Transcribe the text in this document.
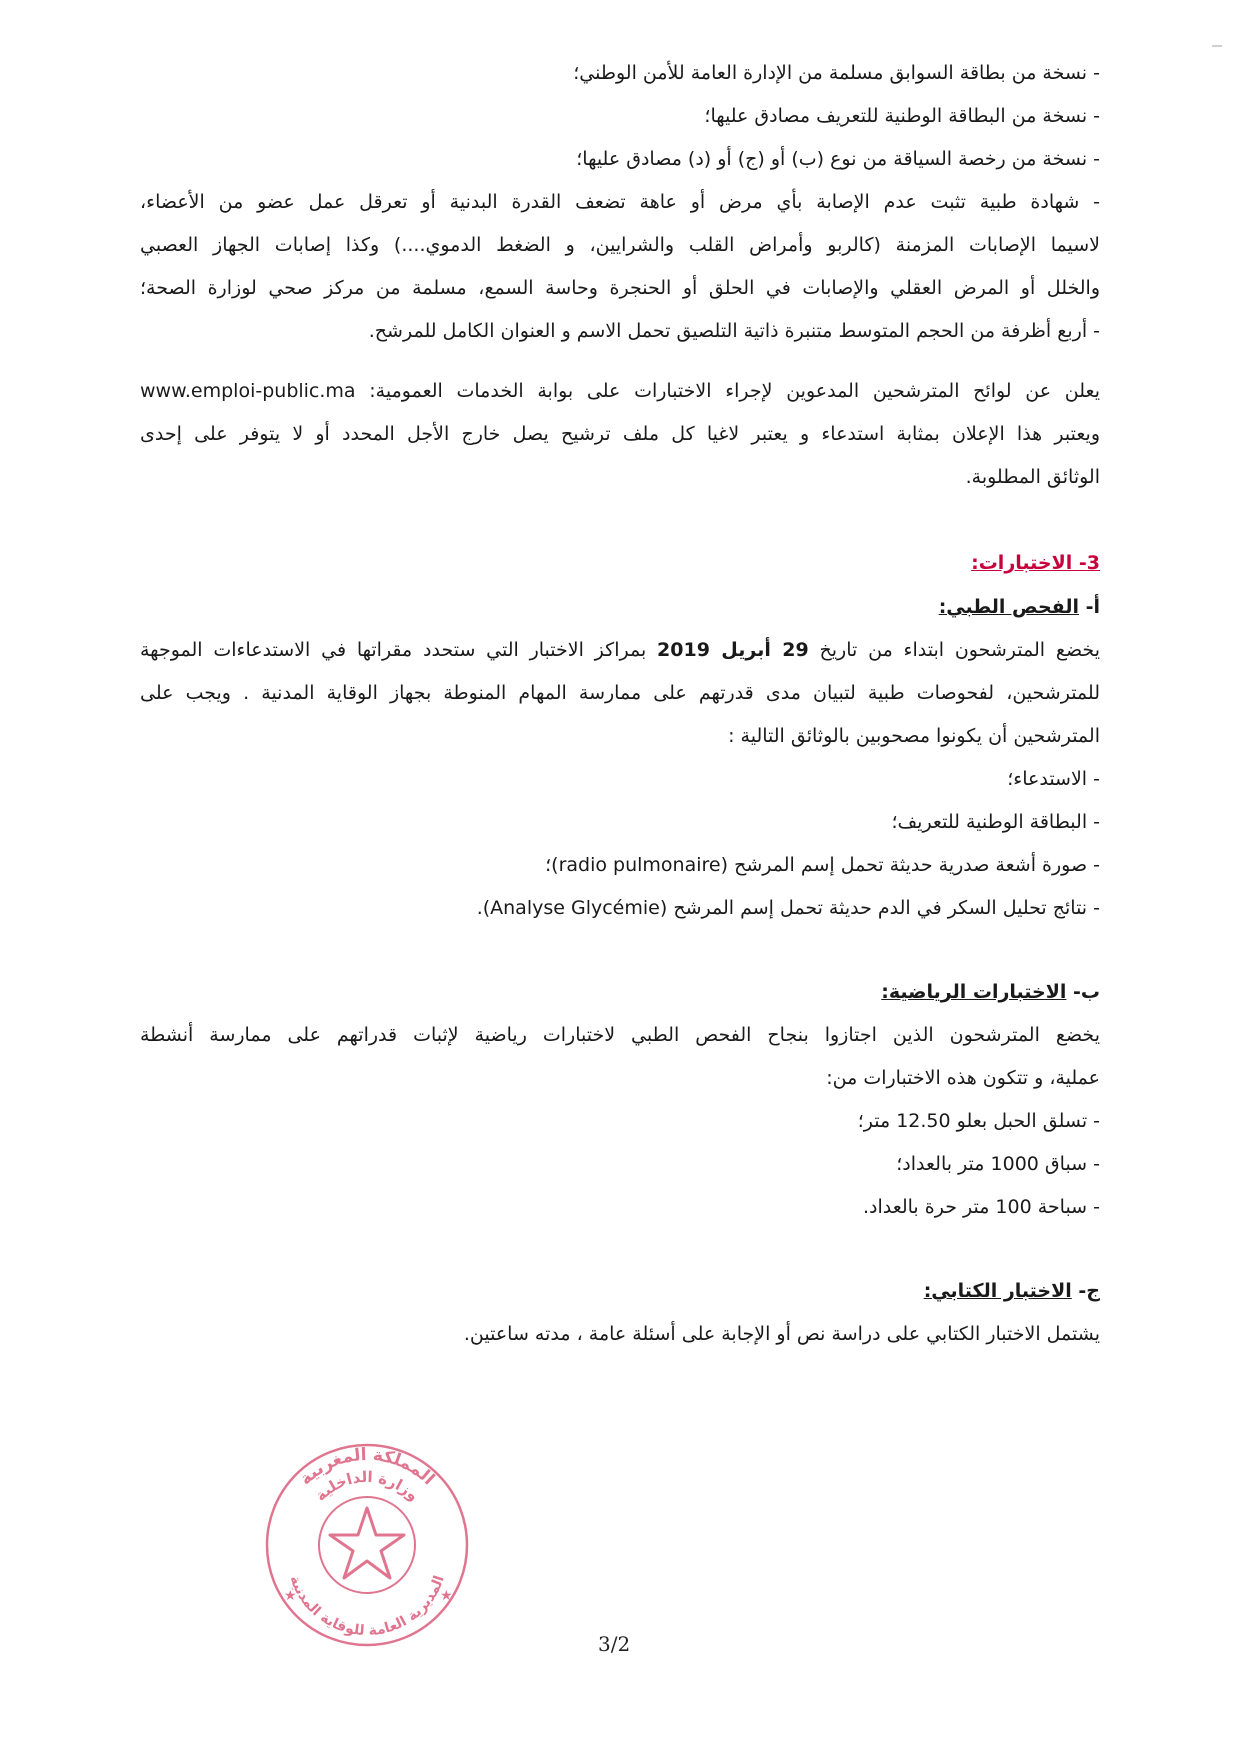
- نسخة من بطاقة السوابق مسلمة من الإدارة العامة للأمن الوطني؛
- نسخة من البطاقة الوطنية للتعريف مصادق عليها؛
- نسخة من رخصة السياقة من نوع (ب) أو (ج) أو (د) مصادق عليها؛
- شهادة طبية تثبت عدم الإصابة بأي مرض أو عاهة تضعف القدرة البدنية أو تعرقل عمل عضو من الأعضاء،
لاسيما الإصابات المزمنة (كالربو وأمراض القلب والشرايين، و الضغط الدموي....) وكذا إصابات الجهاز العصبي
والخلل أو المرض العقلي والإصابات في الحلق أو الحنجرة وحاسة السمع، مسلمة من مركز صحي لوزارة الصحة؛
- أربع أظرفة من الحجم المتوسط متنبرة ذاتية التلصيق تحمل الاسم و العنوان الكامل للمرشح.
يعلن عن لوائح المترشحين المدعوين لإجراء الاختبارات على بوابة الخدمات العمومية: www.emploi-public.ma
ويعتبر هذا الإعلان بمثابة استدعاء و يعتبر لاغيا كل ملف ترشيح يصل خارج الأجل المحدد أو لا يتوفر على إحدى
الوثائق المطلوبة.
3- الاختبارات:
أ- الفحص الطبي:
يخضع المترشحون ابتداء من تاريخ 29 أبريل 2019 بمراكز الاختبار التي ستحدد مقراتها في الاستدعاءات الموجهة
للمترشحين، لفحوصات طبية لتبيان مدى قدرتهم على ممارسة المهام المنوطة بجهاز الوقاية المدنية . ويجب على
المترشحين أن يكونوا مصحوبين بالوثائق التالية :
- الاستدعاء؛
- البطاقة الوطنية للتعريف؛
- صورة أشعة صدرية حديثة تحمل إسم المرشح (radio pulmonaire)؛
- نتائج تحليل السكر في الدم حديثة تحمل إسم المرشح (Analyse Glycémie).
ب- الاختبارات الرياضية:
يخضع المترشحون الذين اجتازوا بنجاح الفحص الطبي لاختبارات رياضية لإثبات قدراتهم على ممارسة أنشطة
عملية، و تتكون هذه الاختبارات من:
- تسلق الحبل بعلو 12.50 متر؛
- سباق 1000 متر بالعداد؛
- سباحة 100 متر حرة بالعداد.
ج- الاختبار الكتابي:
يشتمل الاختبار الكتابي على دراسة نص أو الإجابة على أسئلة عامة ، مدته ساعتين.
المملكة المغربية
وزارة الداخلية
المديرية العامة للوقاية المدنية
★	★
3/2
